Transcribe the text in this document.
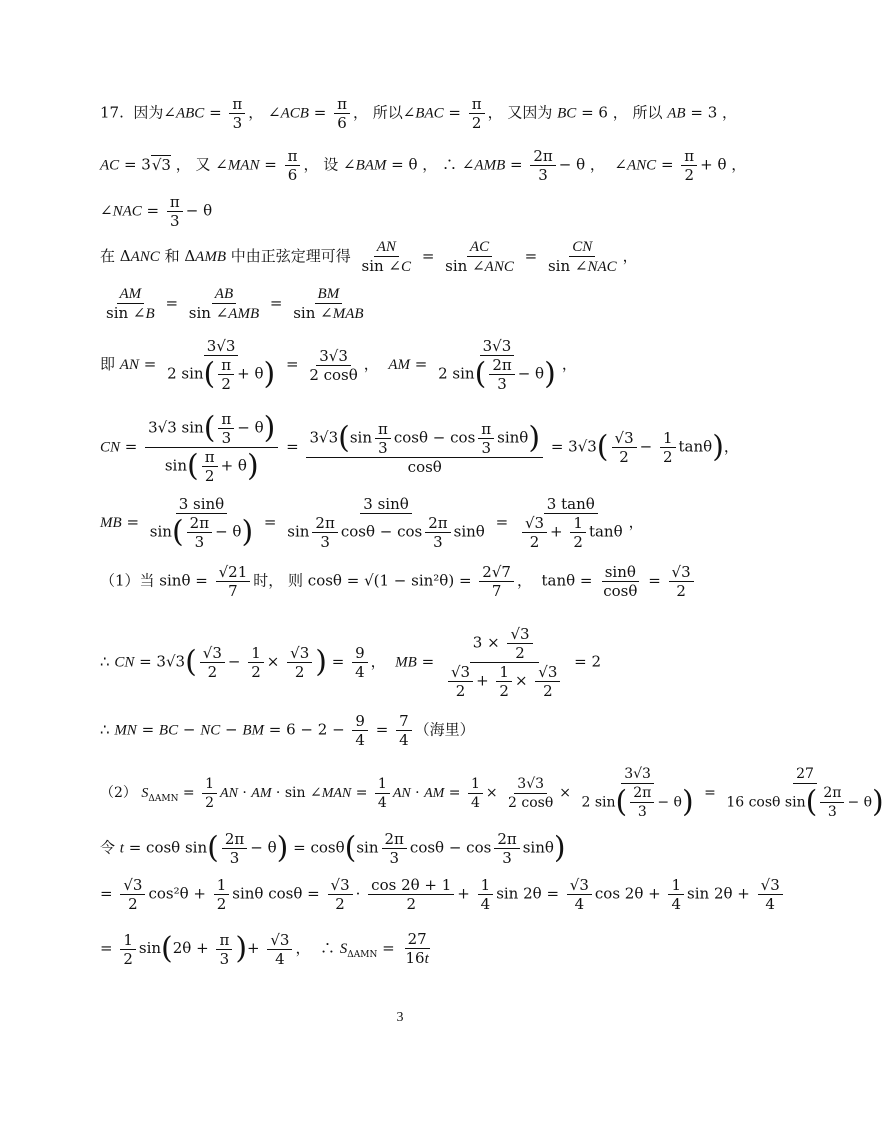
17.  因为∠ABC = $\frac{\pi}{3}$ ， ∠ACB = $\frac{\pi}{6}$ ， 所以∠BAC = $\frac{\pi}{2}$ ， 又因为 BC = 6 ， 所以 AB = 3 ，
AC = 3√3 ， 又 ∠MAN = $\frac{\pi}{6}$ ， 设 ∠BAM = θ ， ∴ ∠AMB = $\frac{2\pi}{3} - \theta$ ，  ∠ANC = $\frac{\pi}{2} + \theta$ ，
∠NAC = $\frac{\pi}{3} - \theta$
在 ΔANC 和 ΔAMB 中由正弦定理可得 $\frac{AN}{\sin \angle C} = \frac{AC}{\text{sin ∠ANC}} = \frac{CN}{\text{sin ∠NAC}}$ ，
$\frac{AM}{\sin \angle B} = \frac{AB}{\text{sin ∠AMB}} = \frac{BM}{\text{sin ∠MAB}}$
即 AN = $\frac{3√3}{2 \sin( \frac{\pi}{2} + \theta)} = \frac{3√3}{2 \cos\theta}$ ，  AM = $\frac{3√3}{2 \sin( \frac{2\pi}{3} - \theta)}$ ，
CN = $\frac{3√3 \sin( \frac{\pi}{3} - \theta)}{\sin( \frac{\pi}{2} + \theta)} = \frac{3√3(\sin \frac{\pi}{3} \cos\theta - \cos \frac{\pi}{3} \sin\theta)}{\cos\theta} = 3√3( \frac{√3}{2} - \frac{1}{2} \tan\theta)$，
MB = $\frac{3 \sin\theta}{\sin( \frac{2\pi}{3} - \theta)} = \frac{3 \sin\theta}{\sin \frac{2\pi}{3} \cos\theta - \cos \frac{2\pi}{3} \sin\theta} = \frac{3 \tan\theta}{\frac{√3}{2} + \frac{1}{2} \tan\theta}$ ，
（1）当 $\sin\theta = \frac{√21}{7}$ 时， 则 $\cos\theta = √(1 - \sin^2\theta) = \frac{2√7}{7}$ ，  $\tan\theta = \frac{\sin\theta}{\cos\theta} = \frac{√3}{2}$
∴ CN = $3√3( \frac{√3}{2} - \frac{1}{2} \times \frac{√3}{2}$ ) = $\frac{9}{4}$ ，  MB = $\frac{3 \times \frac{√3}{2}}{\frac{√3}{2} + \frac{1}{2} \times \frac{√3}{2}} = 2$
∴ MN = BC − NC − BM = $6 - 2 - \frac{9}{4} = \frac{7}{4}$ （海里）
（2） $S_{\Delta AMN} = \frac{1}{2}$ AN · AM · sin ∠MAN = $\frac{1}{4}$ AN · AM = $\frac{1}{4} \times \frac{3√3}{2 \cos\theta} \times \frac{3√3}{2 \sin( \frac{2\pi}{3} - \theta)} = \frac{27}{16 \cos\theta \sin( \frac{2\pi}{3} - \theta)}$
令 t = cosθ $\sin( \frac{2\pi}{3} - \theta) = \cos\theta(\sin \frac{2\pi}{3}$ $\cos\theta - \cos \frac{2\pi}{3} \sin\theta$)
= $\frac{√3}{2} \cos^2\theta + \frac{1}{2}$ sinθ $\cos\theta = \frac{√3}{2} \cdot \frac{\cos 2\theta + 1}{2} + \frac{1}{4}$ $\sin 2\theta = \frac{√3}{4}$ $\cos 2\theta + \frac{1}{4}$ $\sin 2\theta + \frac{√3}{4}$
= $\frac{1}{2} \sin(2\theta + \frac{\pi}{3}$ )+ $\frac{√3}{4}$ ，  ∴ $S_{\Delta AMN} = \frac{27}{16t}$
3
